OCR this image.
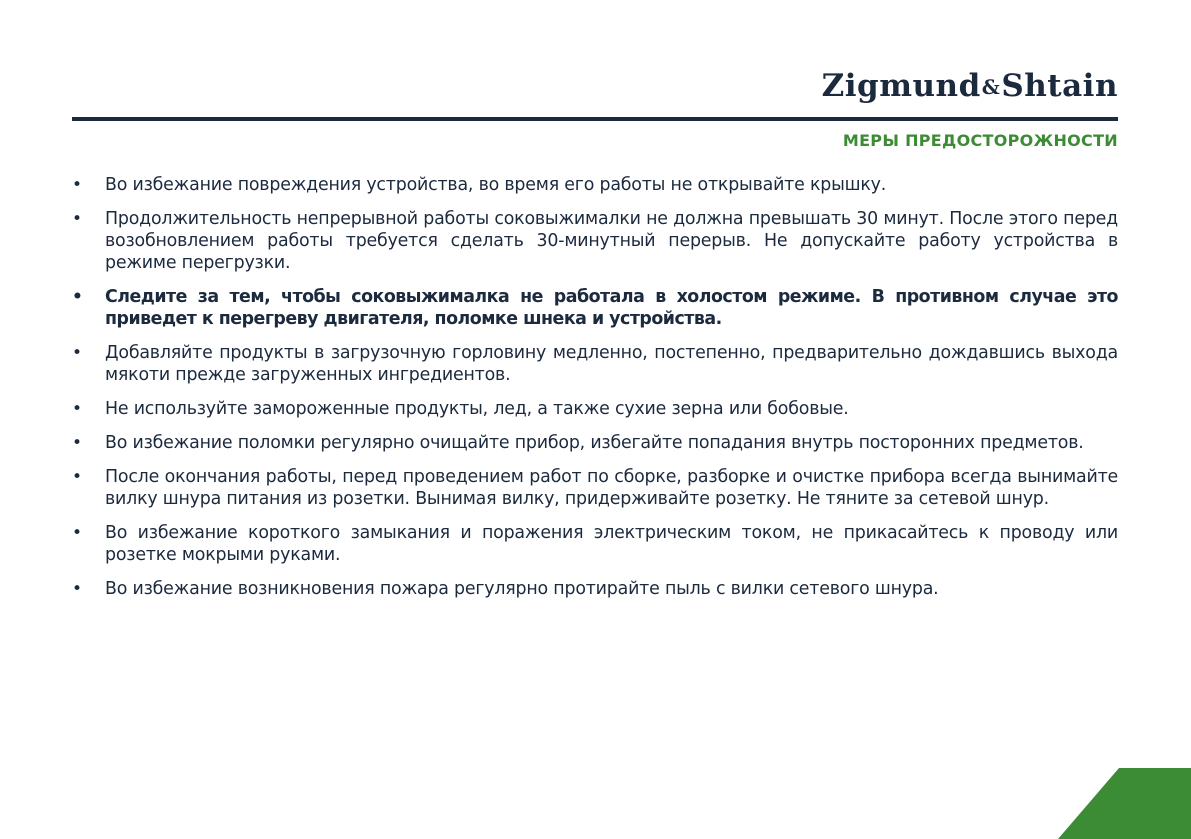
Zigmund&Shtain
МЕРЫ ПРЕДОСТОРОЖНОСТИ
• Во избежание повреждения устройства, во время его работы не открывайте крышку.
• Продолжительность непрерывной работы соковыжималки не должна превышать 30 минут. После этого перед возобновлением работы требуется сделать 30-минутный перерыв. Не допускайте работу устройства в режиме перегрузки.
• Следите за тем, чтобы соковыжималка не работала в холостом режиме. В противном случае это приведет к перегреву двигателя, поломке шнека и устройства.
• Добавляйте продукты в загрузочную горловину медленно, постепенно, предварительно дождавшись выхода мякоти прежде загруженных ингредиентов.
• Не используйте замороженные продукты, лед, а также сухие зерна или бобовые.
• Во избежание поломки регулярно очищайте прибор, избегайте попадания внутрь посторонних предметов.
• После окончания работы, перед проведением работ по сборке, разборке и очистке прибора всегда вынимайте вилку шнура питания из розетки. Вынимая вилку, придерживайте розетку. Не тяните за сетевой шнур.
• Во избежание короткого замыкания и поражения электрическим током, не прикасайтесь к проводу или розетке мокрыми руками.
• Во избежание возникновения пожара регулярно протирайте пыль с вилки сетевого шнура.
